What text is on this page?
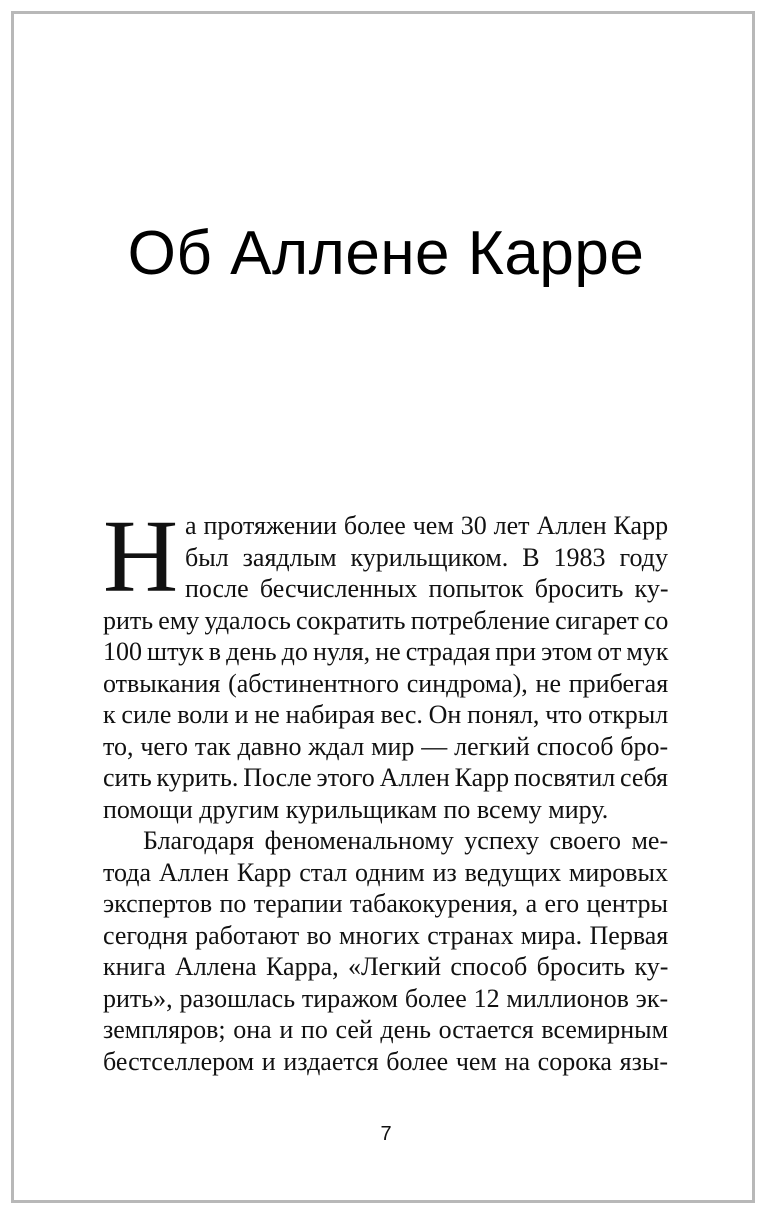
Об Аллене Карре
Н а протяжении более чем 30 лет Аллен Карр
был заядлым курильщиком. В 1983 году
после бесчисленных попыток бросить ку-
рить ему удалось сократить потребление сигарет со
100 штук в день до нуля, не страдая при этом от мук
отвыкания (абстинентного синдрома), не прибегая
к силе воли и не набирая вес. Он понял, что открыл
то, чего так давно ждал мир — легкий способ бро-
сить курить. После этого Аллен Карр посвятил себя
помощи другим курильщикам по всему миру.
Благодаря феноменальному успеху своего ме-
тода Аллен Карр стал одним из ведущих мировых
экспертов по терапии табакокурения, а его центры
сегодня работают во многих странах мира. Первая
книга Аллена Карра, «Легкий способ бросить ку-
рить», разошлась тиражом более 12 миллионов эк-
земпляров; она и по сей день остается всемирным
бестселлером и издается более чем на сорока язы-
7
